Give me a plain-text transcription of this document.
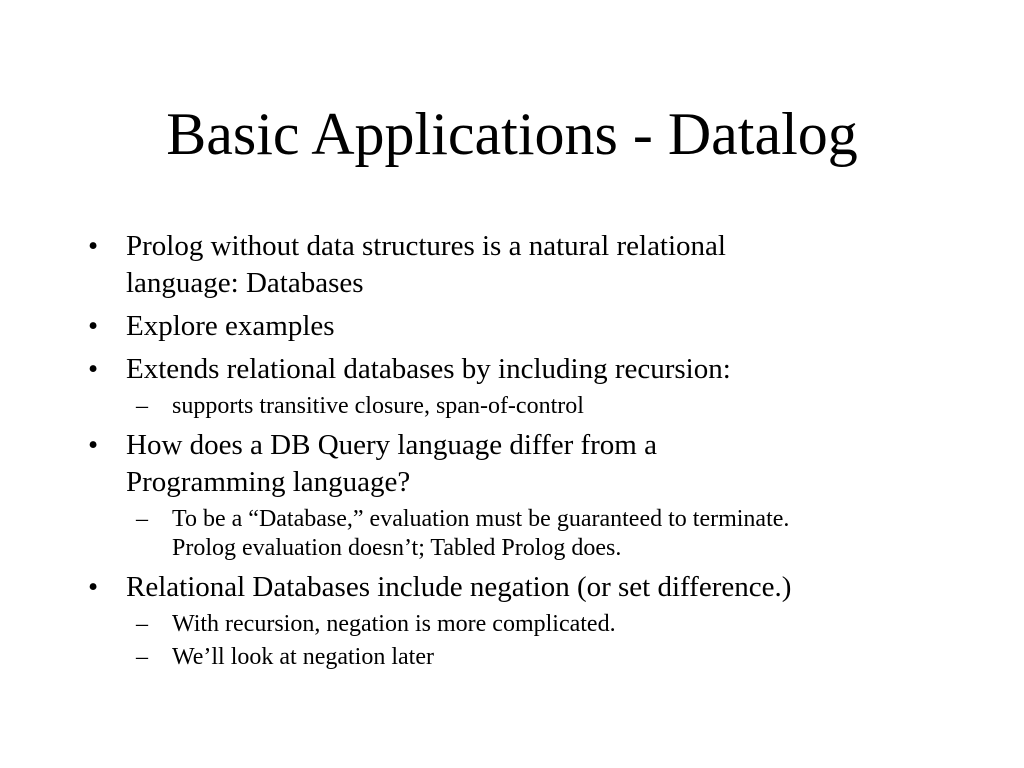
Basic Applications - Datalog
• Prolog without data structures is a natural relational
language: Databases
• Explore examples
• Extends relational databases by including recursion:
– supports transitive closure, span-of-control
• How does a DB Query language differ from a
Programming language?
– To be a “Database,” evaluation must be guaranteed to terminate.
Prolog evaluation doesn’t; Tabled Prolog does.
• Relational Databases include negation (or set difference.)
– With recursion, negation is more complicated.
– We’ll look at negation later
